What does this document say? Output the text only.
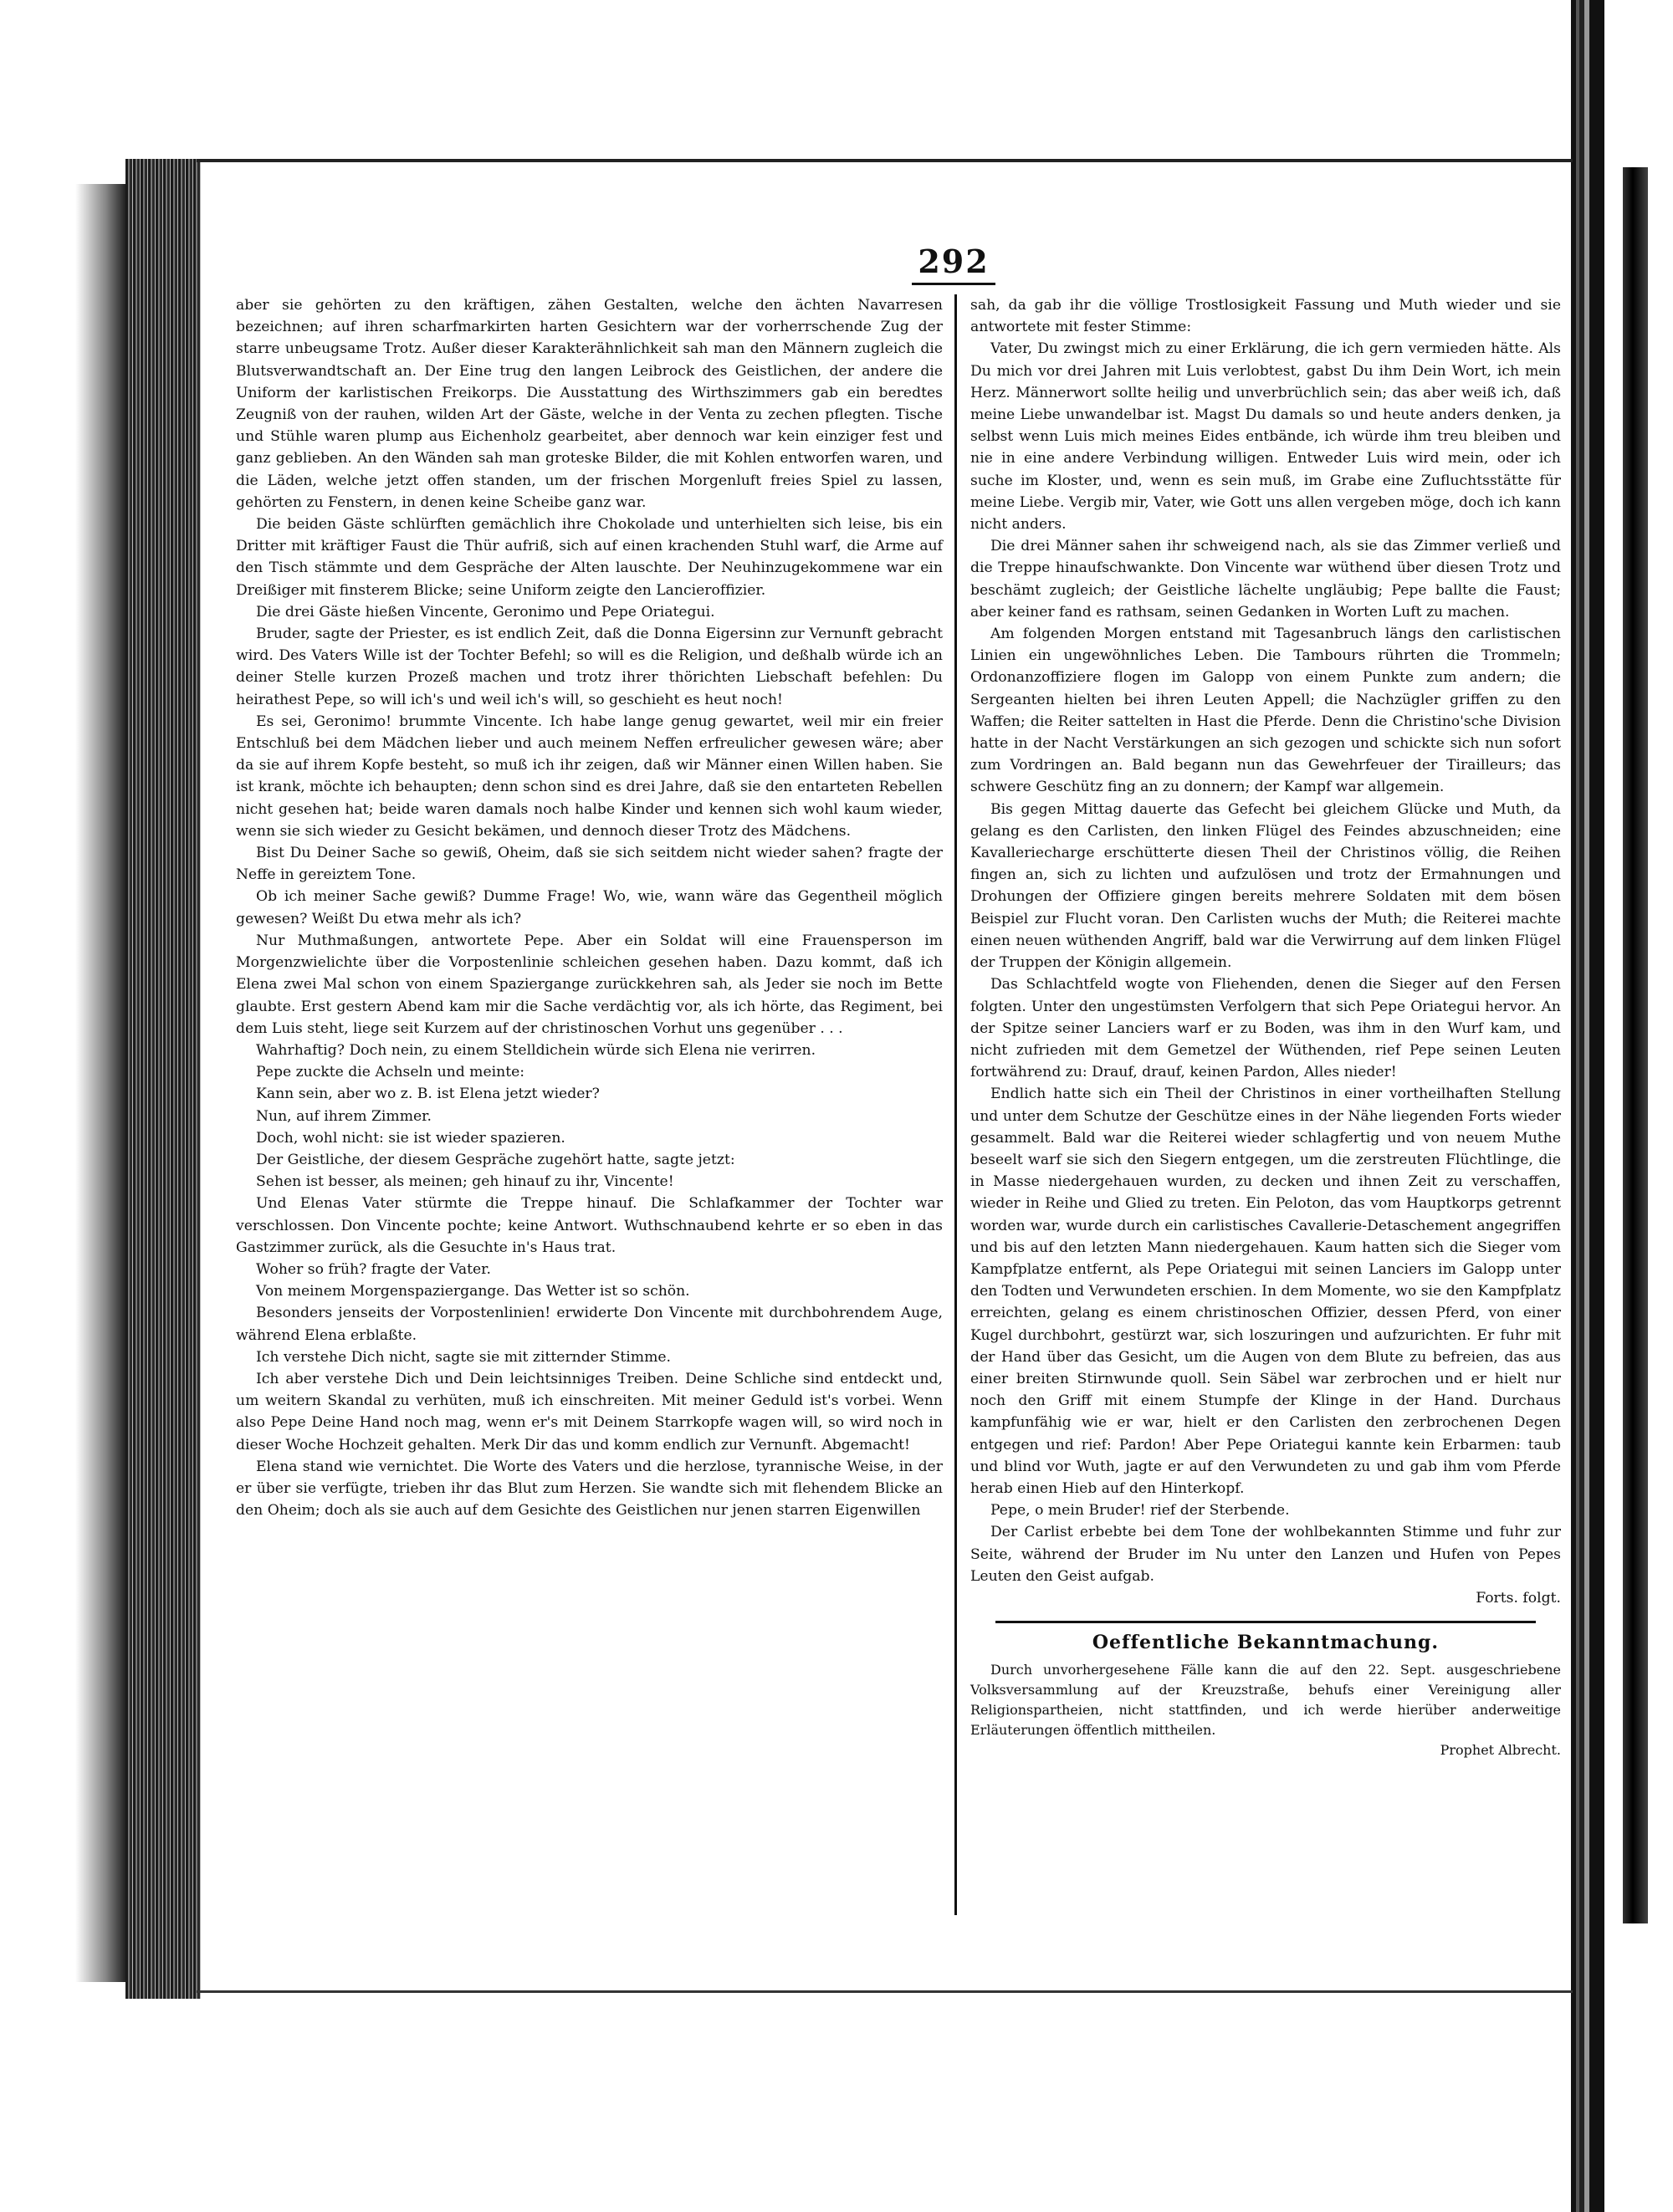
292

aber sie gehörten zu den kräftigen, zähen Gestalten, welche den ächten Navarresen bezeichnen; auf ihren scharfmarkirten harten Gesichtern war der vorherrschende Zug der starre unbeugsame Trotz. Außer dieser Karakterähnlichkeit sah man den Männern zugleich die Blutsverwandtschaft an. Der Eine trug den langen Leibrock des Geistlichen, der andere die Uniform der karlistischen Freikorps. Die Ausstattung des Wirthszimmers gab ein beredtes Zeugniß von der rauhen, wilden Art der Gäste, welche in der Venta zu zechen pflegten. Tische und Stühle waren plump aus Eichenholz gearbeitet, aber dennoch war kein einziger fest und ganz geblieben. An den Wänden sah man groteske Bilder, die mit Kohlen entworfen waren, und die Läden, welche jetzt offen standen, um der frischen Morgenluft freies Spiel zu lassen, gehörten zu Fenstern, in denen keine Scheibe ganz war.

Die beiden Gäste schlürften gemächlich ihre Chokolade und unterhielten sich leise, bis ein Dritter mit kräftiger Faust die Thür aufriß, sich auf einen krachenden Stuhl warf, die Arme auf den Tisch stämmte und dem Gespräche der Alten lauschte. Der Neuhinzugekommene war ein Dreißiger mit finsterem Blicke; seine Uniform zeigte den Lancierofﬁzier.

Die drei Gäste hießen Vincente, Geronimo und Pepe Oriategui.

Bruder, sagte der Priester, es ist endlich Zeit, daß die Donna Eigersinn zur Vernunft gebracht wird. Des Vaters Wille ist der Tochter Befehl; so will es die Religion, und deßhalb würde ich an deiner Stelle kurzen Prozeß machen und trotz ihrer thörichten Liebschaft befehlen: Du heirathest Pepe, so will ich's und weil ich's will, so geschieht es heut noch!

Es sei, Geronimo! brummte Vincente. Ich habe lange genug gewartet, weil mir ein freier Entschluß bei dem Mädchen lieber und auch meinem Neffen erfreulicher gewesen wäre; aber da sie auf ihrem Kopfe besteht, so muß ich ihr zeigen, daß wir Männer einen Willen haben. Sie ist krank, möchte ich behaupten; denn schon sind es drei Jahre, daß sie den entarteten Rebellen nicht gesehen hat; beide waren damals noch halbe Kinder und kennen sich wohl kaum wieder, wenn sie sich wieder zu Gesicht bekämen, und dennoch dieser Trotz des Mädchens.

Bist Du Deiner Sache so gewiß, Oheim, daß sie sich seitdem nicht wieder sahen? fragte der Neffe in gereiztem Tone.

Ob ich meiner Sache gewiß? Dumme Frage! Wo, wie, wann wäre das Gegentheil möglich gewesen? Weißt Du etwa mehr als ich?

Nur Muthmaßungen, antwortete Pepe. Aber ein Soldat will eine Frauensperson im Morgenzwielichte über die Vorpostenlinie schleichen gesehen haben. Dazu kommt, daß ich Elena zwei Mal schon von einem Spaziergange zurückkehren sah, als Jeder sie noch im Bette glaubte. Erst gestern Abend kam mir die Sache verdächtig vor, als ich hörte, das Regiment, bei dem Luis steht, liege seit Kurzem auf der christinoschen Vorhut uns gegenüber . . .

Wahrhaftig? Doch nein, zu einem Stelldichein würde sich Elena nie verirren.

Pepe zuckte die Achseln und meinte:

Kann sein, aber wo z. B. ist Elena jetzt wieder?

Nun, auf ihrem Zimmer.

Doch, wohl nicht: sie ist wieder spazieren.

Der Geistliche, der diesem Gespräche zugehört hatte, sagte jetzt:

Sehen ist besser, als meinen; geh hinauf zu ihr, Vincente!

Und Elenas Vater stürmte die Treppe hinauf. Die Schlafkammer der Tochter war verschlossen. Don Vincente pochte; keine Antwort. Wuthschnaubend kehrte er so eben in das Gastzimmer zurück, als die Gesuchte in's Haus trat.

Woher so früh? fragte der Vater.

Von meinem Morgenspaziergange. Das Wetter ist so schön.

Besonders jenseits der Vorpostenlinien! erwiderte Don Vincente mit durchbohrendem Auge, während Elena erblaßte.

Ich verstehe Dich nicht, sagte sie mit zitternder Stimme.

Ich aber verstehe Dich und Dein leichtsinniges Treiben. Deine Schliche sind entdeckt und, um weitern Skandal zu verhüten, muß ich einschreiten. Mit meiner Geduld ist's vorbei. Wenn also Pepe Deine Hand noch mag, wenn er's mit Deinem Starrkopfe wagen will, so wird noch in dieser Woche Hochzeit gehalten. Merk Dir das und komm endlich zur Vernunft. Abgemacht!

Elena stand wie vernichtet. Die Worte des Vaters und die herzlose, tyrannische Weise, in der er über sie verfügte, trieben ihr das Blut zum Herzen. Sie wandte sich mit flehendem Blicke an den Oheim; doch als sie auch auf dem Gesichte des Geistlichen nur jenen starren Eigenwillen

sah, da gab ihr die völlige Trostlosigkeit Fassung und Muth wieder und sie antwortete mit fester Stimme:

Vater, Du zwingst mich zu einer Erklärung, die ich gern vermieden hätte. Als Du mich vor drei Jahren mit Luis verlobtest, gabst Du ihm Dein Wort, ich mein Herz. Männerwort sollte heilig und unverbrüchlich sein; das aber weiß ich, daß meine Liebe unwandelbar ist. Magst Du damals so und heute anders denken, ja selbst wenn Luis mich meines Eides entbände, ich würde ihm treu bleiben und nie in eine andere Verbindung willigen. Entweder Luis wird mein, oder ich suche im Kloster, und, wenn es sein muß, im Grabe eine Zufluchtsstätte für meine Liebe. Vergib mir, Vater, wie Gott uns allen vergeben möge, doch ich kann nicht anders.

Die drei Männer sahen ihr schweigend nach, als sie das Zimmer verließ und die Treppe hinaufschwankte. Don Vincente war wüthend über diesen Trotz und beschämt zugleich; der Geistliche lächelte ungläubig; Pepe ballte die Faust; aber keiner fand es rathsam, seinen Gedanken in Worten Luft zu machen.

Am folgenden Morgen entstand mit Tagesanbruch längs den carlistischen Linien ein ungewöhnliches Leben. Die Tambours rührten die Trommeln; Ordonanzoffiziere flogen im Galopp von einem Punkte zum andern; die Sergeanten hielten bei ihren Leuten Appell; die Nachzügler griffen zu den Waffen; die Reiter sattelten in Hast die Pferde. Denn die Christino'sche Division hatte in der Nacht Verstärkungen an sich gezogen und schickte sich nun sofort zum Vordringen an. Bald begann nun das Gewehrfeuer der Tirailleurs; das schwere Geschütz fing an zu donnern; der Kampf war allgemein.

Bis gegen Mittag dauerte das Gefecht bei gleichem Glücke und Muth, da gelang es den Carlisten, den linken Flügel des Feindes abzuschneiden; eine Kavalleriecharge erschütterte diesen Theil der Christinos völlig, die Reihen fingen an, sich zu lichten und aufzulösen und trotz der Ermahnungen und Drohungen der Offiziere gingen bereits mehrere Soldaten mit dem bösen Beispiel zur Flucht voran. Den Carlisten wuchs der Muth; die Reiterei machte einen neuen wüthenden Angriff, bald war die Verwirrung auf dem linken Flügel der Truppen der Königin allgemein.

Das Schlachtfeld wogte von Fliehenden, denen die Sieger auf den Fersen folgten. Unter den ungestümsten Verfolgern that sich Pepe Oriategui hervor. An der Spitze seiner Lanciers warf er zu Boden, was ihm in den Wurf kam, und nicht zufrieden mit dem Gemetzel der Wüthenden, rief Pepe seinen Leuten fortwährend zu: Drauf, drauf, keinen Pardon, Alles nieder!

Endlich hatte sich ein Theil der Christinos in einer vortheilhaften Stellung und unter dem Schutze der Geschütze eines in der Nähe liegenden Forts wieder gesammelt. Bald war die Reiterei wieder schlagfertig und von neuem Muthe beseelt warf sie sich den Siegern entgegen, um die zerstreuten Flüchtlinge, die in Masse niedergehauen wurden, zu decken und ihnen Zeit zu verschaffen, wieder in Reihe und Glied zu treten. Ein Peloton, das vom Hauptkorps getrennt worden war, wurde durch ein carlistisches Cavallerie-Detaschement angegriffen und bis auf den letzten Mann niedergehauen. Kaum hatten sich die Sieger vom Kampfplatze entfernt, als Pepe Oriategui mit seinen Lanciers im Galopp unter den Todten und Verwundeten erschien. In dem Momente, wo sie den Kampfplatz erreichten, gelang es einem christinoschen Offizier, dessen Pferd, von einer Kugel durchbohrt, gestürzt war, sich loszuringen und aufzurichten. Er fuhr mit der Hand über das Gesicht, um die Augen von dem Blute zu befreien, das aus einer breiten Stirnwunde quoll. Sein Säbel war zerbrochen und er hielt nur noch den Griff mit einem Stumpfe der Klinge in der Hand. Durchaus kampfunfähig wie er war, hielt er den Carlisten den zerbrochenen Degen entgegen und rief: Pardon! Aber Pepe Oriategui kannte kein Erbarmen: taub und blind vor Wuth, jagte er auf den Verwundeten zu und gab ihm vom Pferde herab einen Hieb auf den Hinterkopf.

Pepe, o mein Bruder! rief der Sterbende.

Der Carlist erbebte bei dem Tone der wohlbekannten Stimme und fuhr zur Seite, während der Bruder im Nu unter den Lanzen und Hufen von Pepes Leuten den Geist aufgab.

Forts. folgt.

Oeffentliche Bekanntmachung.

Durch unvorhergesehene Fälle kann die auf den 22. Sept. ausgeschriebene Volksversammlung auf der Kreuzstraße, behufs einer Vereinigung aller Religionspartheien, nicht stattfinden, und ich werde hierüber anderweitige Erläuterungen öffentlich mittheilen.

Prophet Albrecht.
